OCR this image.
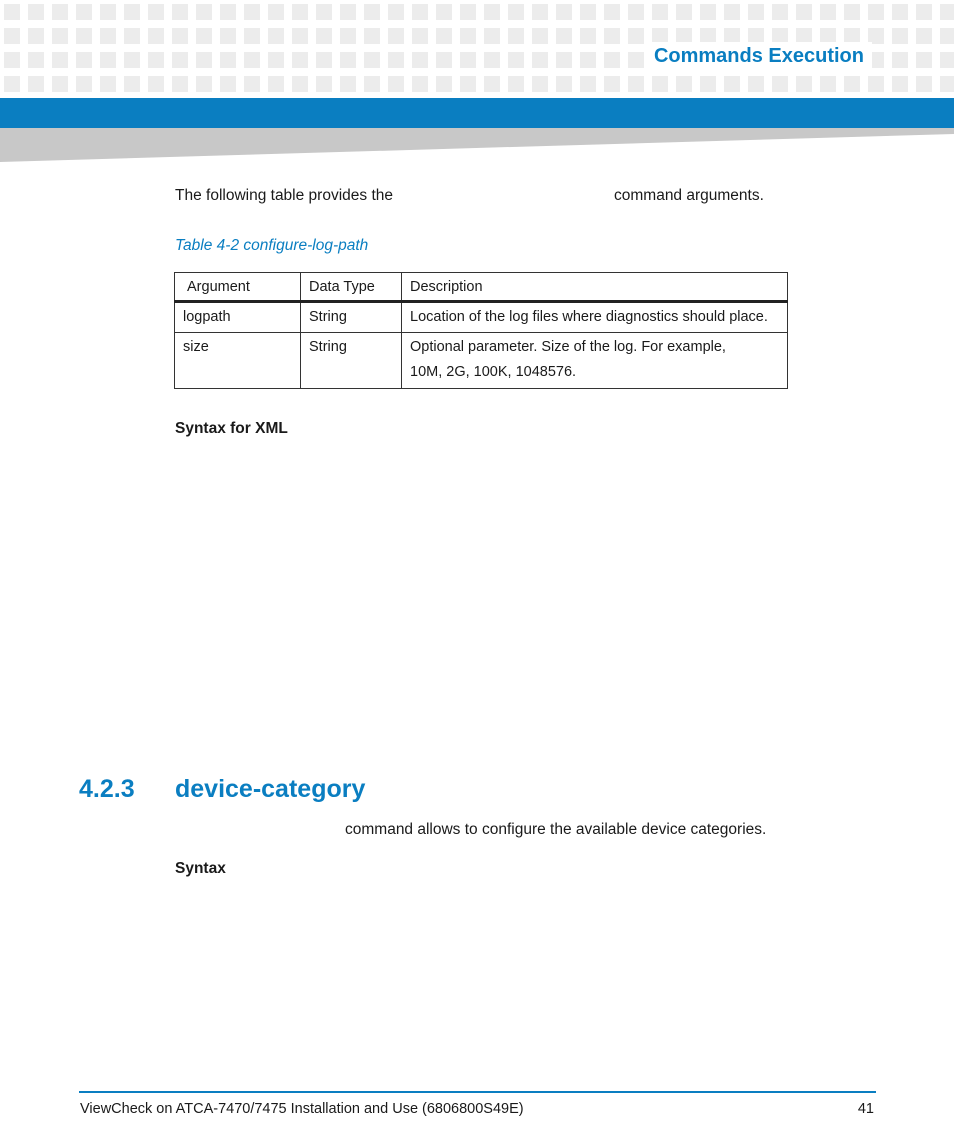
Commands Execution

The following table provides the	command arguments.

Table 4-2 configure-log-path

Argument	Data Type	Description
logpath	String	Location of the log files where diagnostics should place.
size	String	Optional parameter. Size of the log. For example,
10M, 2G, 100K, 1048576.
Syntax for XML
4.2.3 device-category

command allows to configure the available device categories.

Syntax

ViewCheck on ATCA-7470/7475 Installation and Use (6806800S49E)	41
